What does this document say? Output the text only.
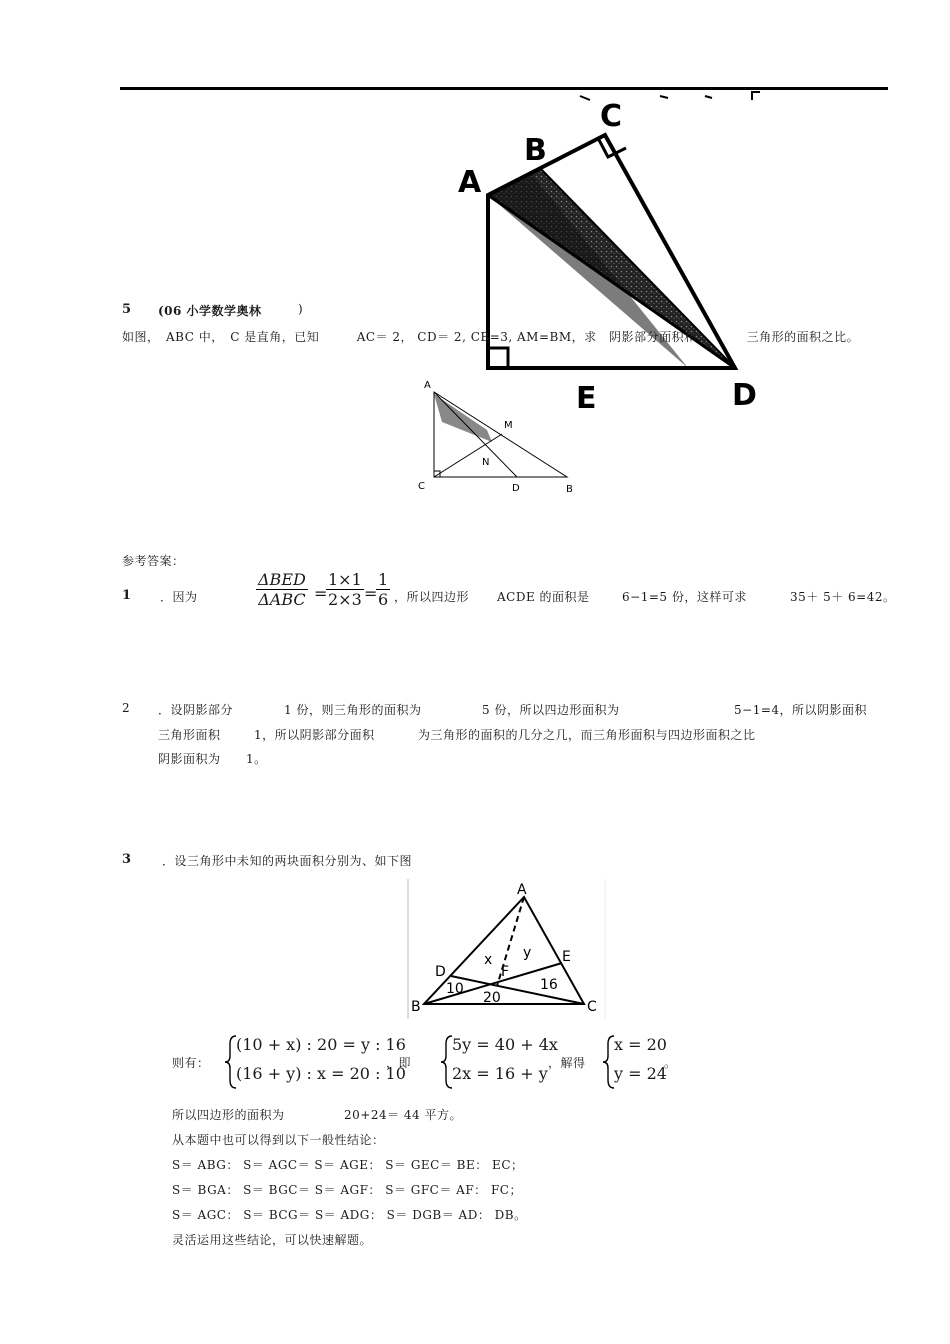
A
B
C
D
E
5 (06 小学数学奥林	)
如图，　ABC 中，　C 是直角，已知　　　AC＝ 2， CD＝ 2, CB=3, AM=BM，求　阴影部分面积和　　　　三角形的面积之比。
A
M
N
C	D	B
参考答案：
1 ．因为　　　
ΔBED
ΔABC =
$\frac{1\times 1}{2\times 3}$ =
$\frac{1}{6}$ ，所以四边形　　　
ACDE 的面积是　 6−1=5 份，这样可求　	35＋ 5＋ 6=42。
2 ．设阴影部分　　 1 份，则三角形的面积为　	5 份，所以四边形面积为　　　　	5−1=4，所以阴影面积
三角形面积	1，所以阴影部分面积	为三角形的面积的几分之几，而三角形面积与四边形面积之比
阴影面积为 1。
3	．设三角形中未知的两块面积分别为、如下图
A
D
E
F
B	C
x y
10
20
16
则有：
(10 + x) : 20 = y : 16
(16 + y) : x = 20 : 10
，即　
5y = 40 + 4x
2x = 16 + y
，解得　
x = 20
y = 24
。
所以四边形的面积为	20+24＝ 44 平方。
从本题中也可以得到以下一般性结论：
S＝ ABG： S＝ AGC＝ S＝ AGE： S＝ GEC＝ BE： EC；
S＝ BGA： S＝ BGC＝ S＝ AGF： S＝ GFC＝ AF： FC；
S＝ AGC： S＝ BCG＝ S＝ ADG： S＝ DGB＝ AD： DB。
灵活运用这些结论，可以快速解题。
